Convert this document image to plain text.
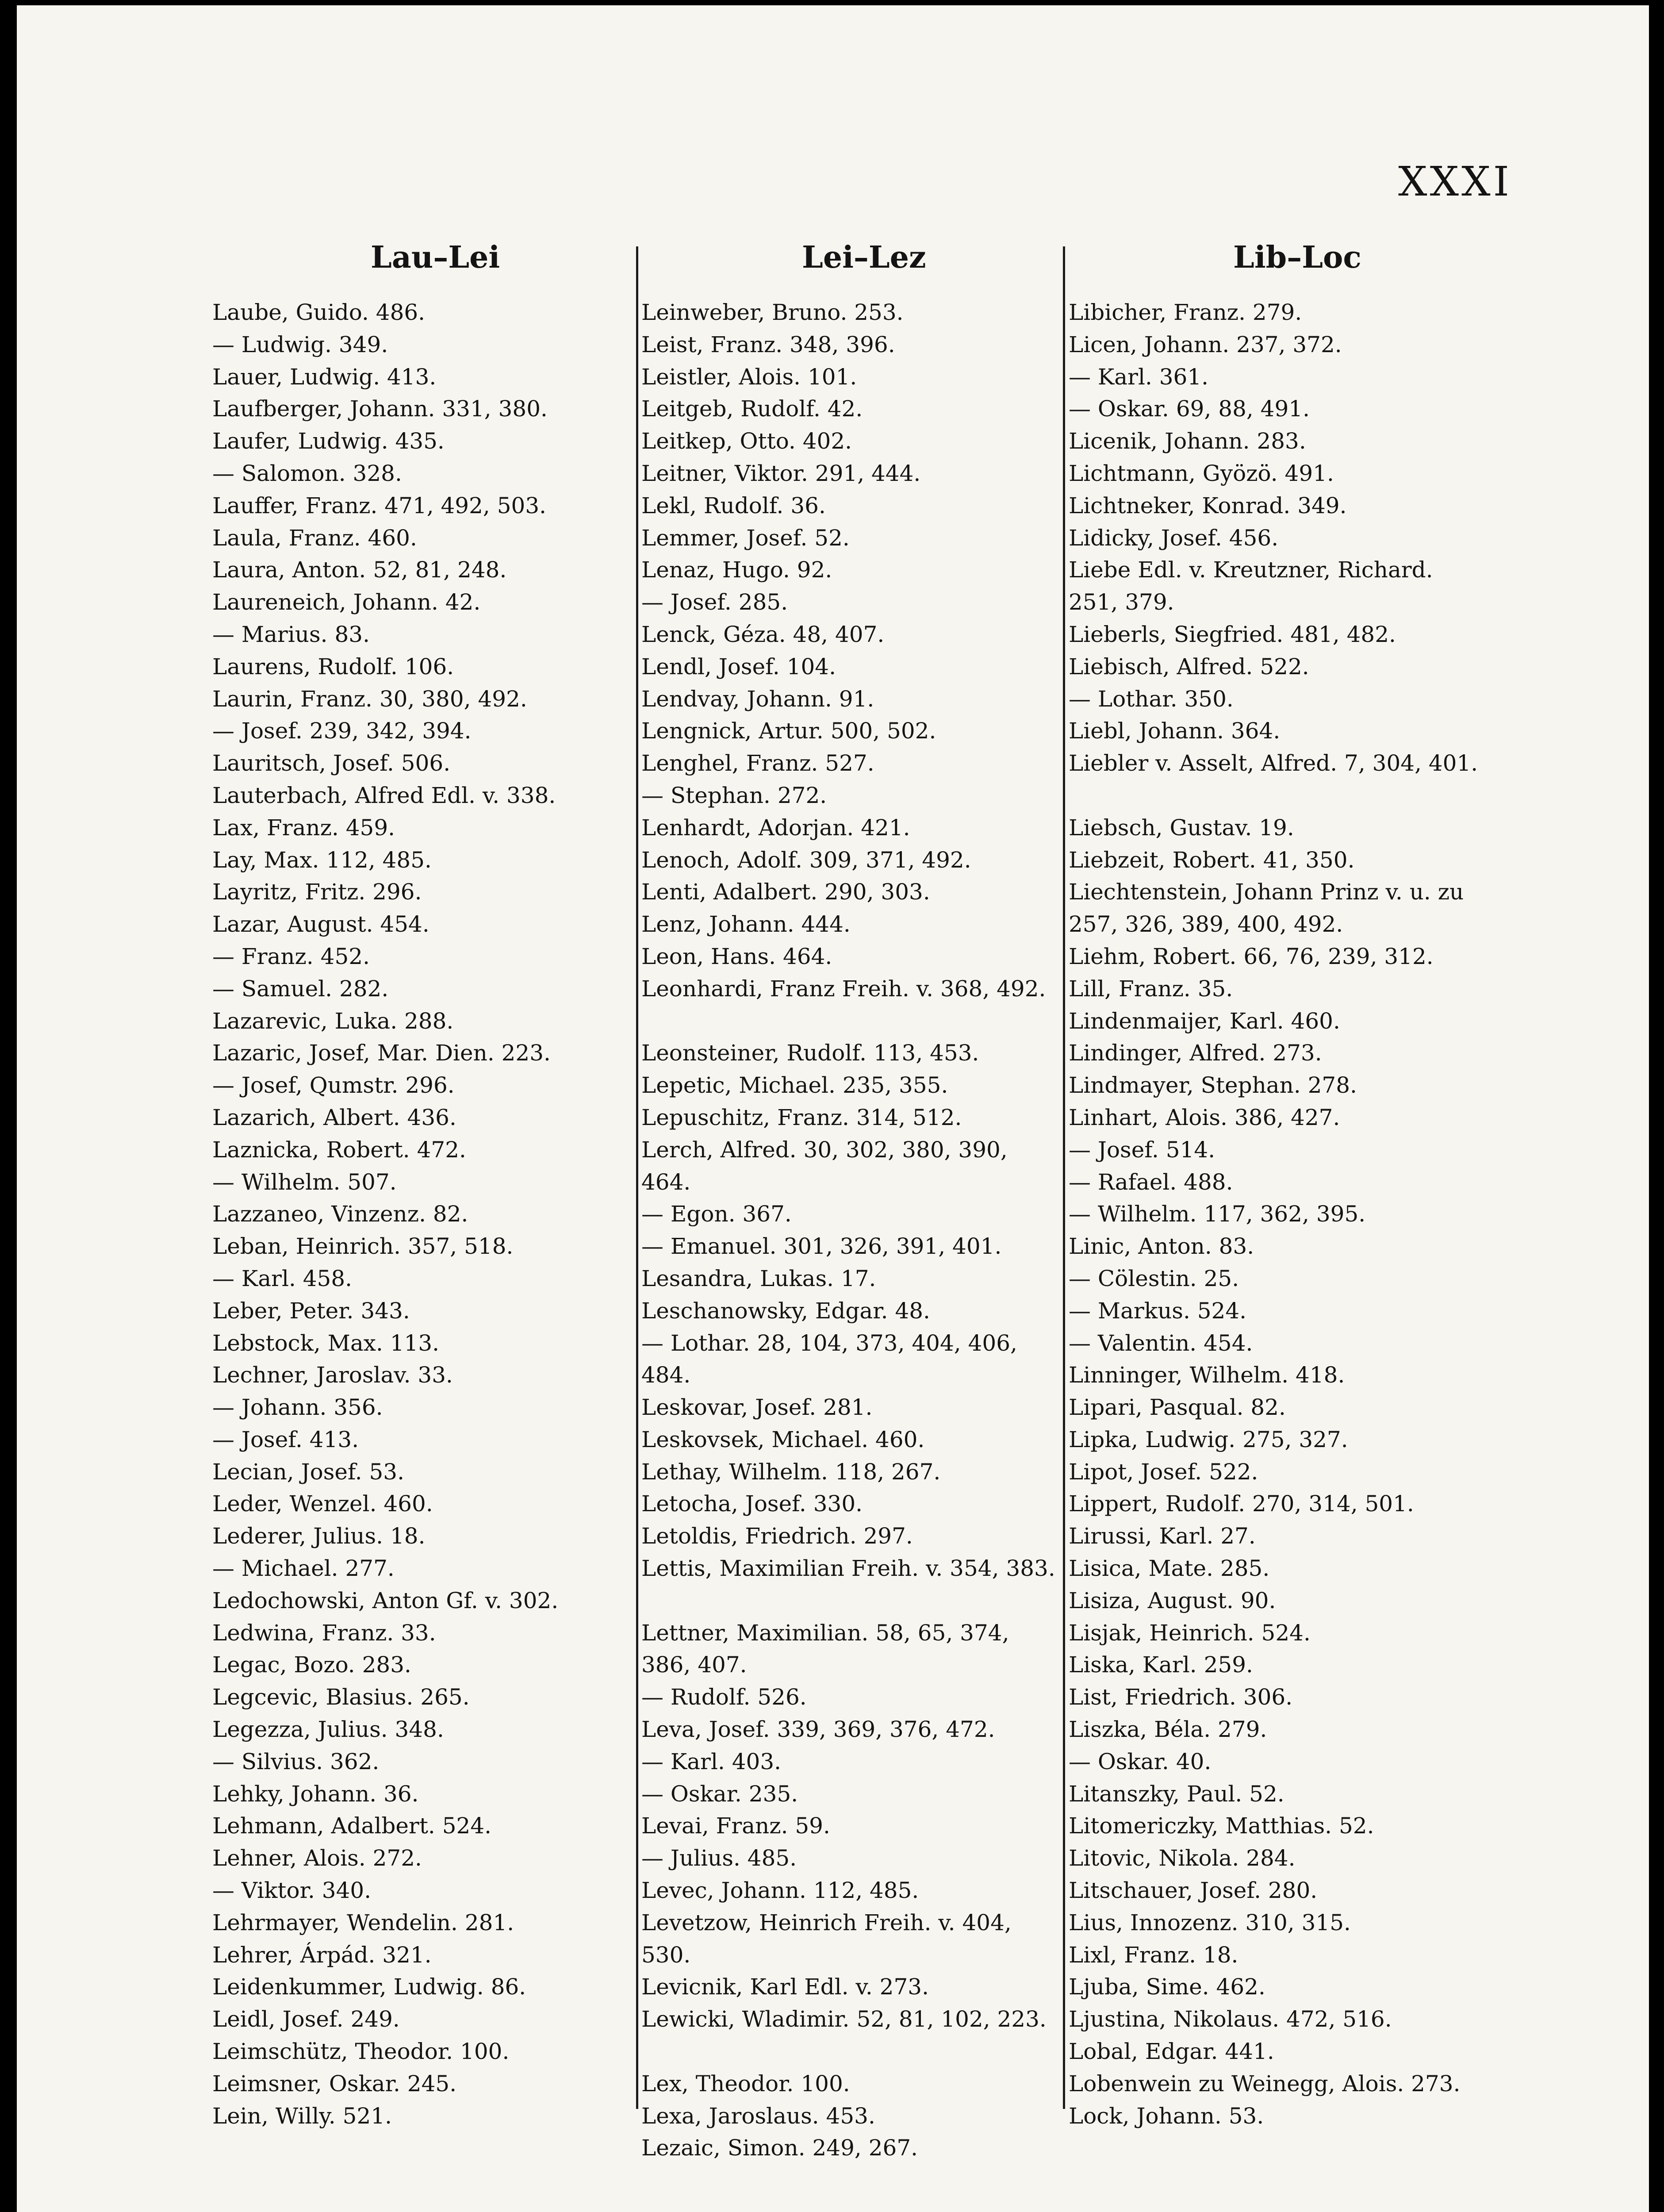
XXXI
Lau–Lei	Lei–Lez	Lib–Loc
Laube, Guido. 486.
— Ludwig. 349.
Lauer, Ludwig. 413.
Laufberger, Johann. 331, 380.
Laufer, Ludwig. 435.
— Salomon. 328.
Lauffer, Franz. 471, 492, 503.
Laula, Franz. 460.
Laura, Anton. 52, 81, 248.
Laureneich, Johann. 42.
— Marius. 83.
Laurens, Rudolf. 106.
Laurin, Franz. 30, 380, 492.
— Josef. 239, 342, 394.
Lauritsch, Josef. 506.
Lauterbach, Alfred Edl. v. 338.
Lax, Franz. 459.
Lay, Max. 112, 485.
Layritz, Fritz. 296.
Lazar, August. 454.
— Franz. 452.
— Samuel. 282.
Lazarevic, Luka. 288.
Lazaric, Josef, Mar. Dien. 223.
— Josef, Qumstr. 296.
Lazarich, Albert. 436.
Laznicka, Robert. 472.
— Wilhelm. 507.
Lazzaneo, Vinzenz. 82.
Leban, Heinrich. 357, 518.
— Karl. 458.
Leber, Peter. 343.
Lebstock, Max. 113.
Lechner, Jaroslav. 33.
— Johann. 356.
— Josef. 413.
Lecian, Josef. 53.
Leder, Wenzel. 460.
Lederer, Julius. 18.
— Michael. 277.
Ledochowski, Anton Gf. v. 302.
Ledwina, Franz. 33.
Legac, Bozo. 283.
Legcevic, Blasius. 265.
Legezza, Julius. 348.
— Silvius. 362.
Lehky, Johann. 36.
Lehmann, Adalbert. 524.
Lehner, Alois. 272.
— Viktor. 340.
Lehrmayer, Wendelin. 281.
Lehrer, Árpád. 321.
Leidenkummer, Ludwig. 86.
Leidl, Josef. 249.
Leimschütz, Theodor. 100.
Leimsner, Oskar. 245.
Lein, Willy. 521.
Leinweber, Bruno. 253.
Leist, Franz. 348, 396.
Leistler, Alois. 101.
Leitgeb, Rudolf. 42.
Leitkep, Otto. 402.
Leitner, Viktor. 291, 444.
Lekl, Rudolf. 36.
Lemmer, Josef. 52.
Lenaz, Hugo. 92.
— Josef. 285.
Lenck, Géza. 48, 407.
Lendl, Josef. 104.
Lendvay, Johann. 91.
Lengnick, Artur. 500, 502.
Lenghel, Franz. 527.
— Stephan. 272.
Lenhardt, Adorjan. 421.
Lenoch, Adolf. 309, 371, 492.
Lenti, Adalbert. 290, 303.
Lenz, Johann. 444.
Leon, Hans. 464.
Leonhardi, Franz Freih. v. 368, 492.
Leonsteiner, Rudolf. 113, 453.
Lepetic, Michael. 235, 355.
Lepuschitz, Franz. 314, 512.
Lerch, Alfred. 30, 302, 380, 390, 464.
— Egon. 367.
— Emanuel. 301, 326, 391, 401.
Lesandra, Lukas. 17.
Leschanowsky, Edgar. 48.
— Lothar. 28, 104, 373, 404, 406, 484.
Leskovar, Josef. 281.
Leskovsek, Michael. 460.
Lethay, Wilhelm. 118, 267.
Letocha, Josef. 330.
Letoldis, Friedrich. 297.
Lettis, Maximilian Freih. v. 354, 383.
Lettner, Maximilian. 58, 65, 374, 386, 407.
— Rudolf. 526.
Leva, Josef. 339, 369, 376, 472.
— Karl. 403.
— Oskar. 235.
Levai, Franz. 59.
— Julius. 485.
Levec, Johann. 112, 485.
Levetzow, Heinrich Freih. v. 404, 530.
Levicnik, Karl Edl. v. 273.
Lewicki, Wladimir. 52, 81, 102, 223.
Lex, Theodor. 100.
Lexa, Jaroslaus. 453.
Lezaic, Simon. 249, 267.
Libicher, Franz. 279.
Licen, Johann. 237, 372.
— Karl. 361.
— Oskar. 69, 88, 491.
Licenik, Johann. 283.
Lichtmann, Gyözö. 491.
Lichtneker, Konrad. 349.
Lidicky, Josef. 456.
Liebe Edl. v. Kreutzner, Richard. 251, 379.
Lieberls, Siegfried. 481, 482.
Liebisch, Alfred. 522.
— Lothar. 350.
Liebl, Johann. 364.
Liebler v. Asselt, Alfred. 7, 304, 401.
Liebsch, Gustav. 19.
Liebzeit, Robert. 41, 350.
Liechtenstein, Johann Prinz v. u. zu 257, 326, 389, 400, 492.
Liehm, Robert. 66, 76, 239, 312.
Lill, Franz. 35.
Lindenmaijer, Karl. 460.
Lindinger, Alfred. 273.
Lindmayer, Stephan. 278.
Linhart, Alois. 386, 427.
— Josef. 514.
— Rafael. 488.
— Wilhelm. 117, 362, 395.
Linic, Anton. 83.
— Cölestin. 25.
— Markus. 524.
— Valentin. 454.
Linninger, Wilhelm. 418.
Lipari, Pasqual. 82.
Lipka, Ludwig. 275, 327.
Lipot, Josef. 522.
Lippert, Rudolf. 270, 314, 501.
Lirussi, Karl. 27.
Lisica, Mate. 285.
Lisiza, August. 90.
Lisjak, Heinrich. 524.
Liska, Karl. 259.
List, Friedrich. 306.
Liszka, Béla. 279.
— Oskar. 40.
Litanszky, Paul. 52.
Litomericzky, Matthias. 52.
Litovic, Nikola. 284.
Litschauer, Josef. 280.
Lius, Innozenz. 310, 315.
Lixl, Franz. 18.
Ljuba, Sime. 462.
Ljustina, Nikolaus. 472, 516.
Lobal, Edgar. 441.
Lobenwein zu Weinegg, Alois. 273.
Lock, Johann. 53.
